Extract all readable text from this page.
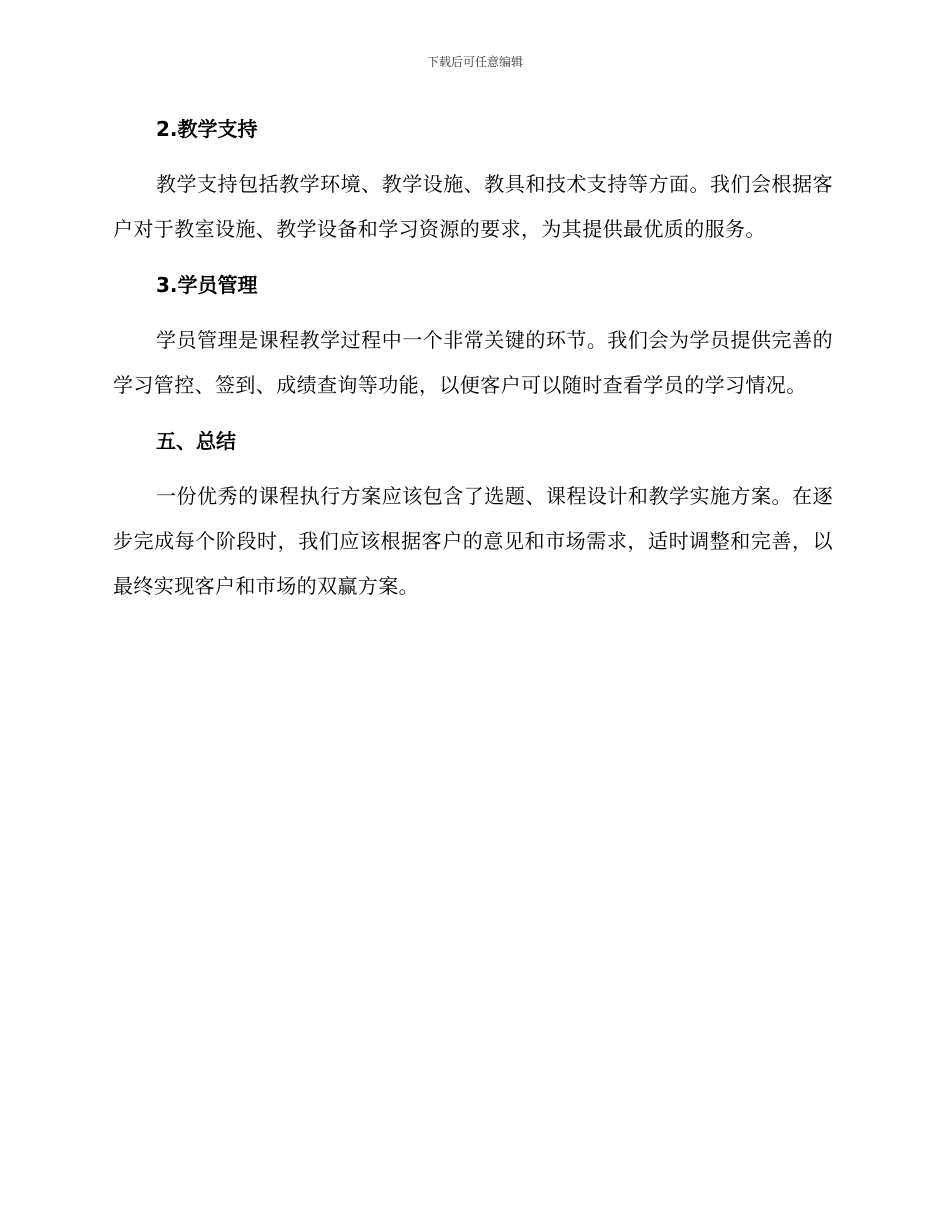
下载后可任意编辑
2.教学支持
教学支持包括教学环境、教学设施、教具和技术支持等方面。我们会根据客户对于教室设施、教学设备和学习资源的要求，为其提供最优质的服务。
3.学员管理
学员管理是课程教学过程中一个非常关键的环节。我们会为学员提供完善的学习管控、签到、成绩查询等功能，以便客户可以随时查看学员的学习情况。
五、总结
一份优秀的课程执行方案应该包含了选题、课程设计和教学实施方案。在逐步完成每个阶段时，我们应该根据客户的意见和市场需求，适时调整和完善，以最终实现客户和市场的双赢方案。
